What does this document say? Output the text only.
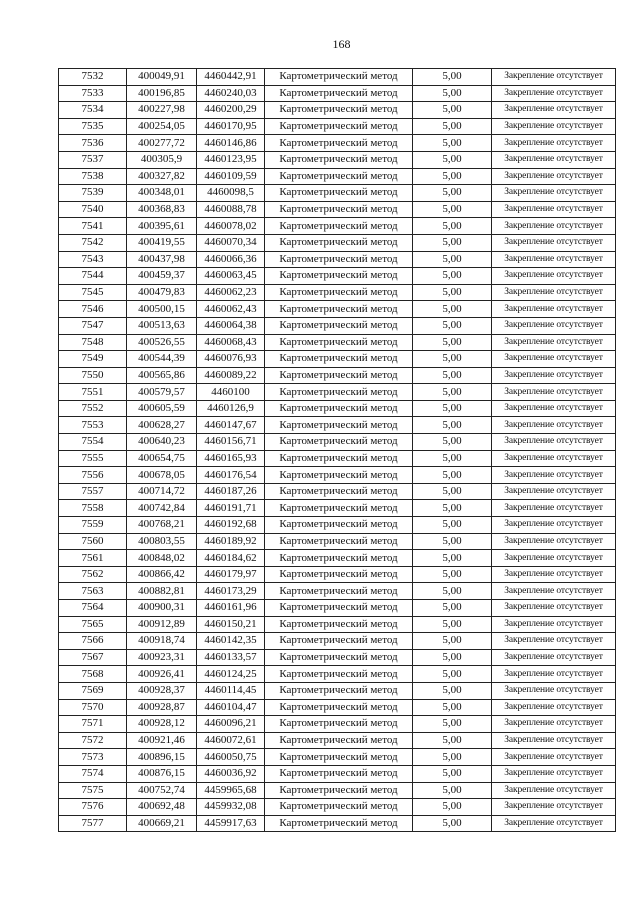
168
7532	400049,91	4460442,91	Картометрический метод	5,00	Закрепление отсутствует
7533	400196,85	4460240,03	Картометрический метод	5,00	Закрепление отсутствует
7534	400227,98	4460200,29	Картометрический метод	5,00	Закрепление отсутствует
7535	400254,05	4460170,95	Картометрический метод	5,00	Закрепление отсутствует
7536	400277,72	4460146,86	Картометрический метод	5,00	Закрепление отсутствует
7537	400305,9	4460123,95	Картометрический метод	5,00	Закрепление отсутствует
7538	400327,82	4460109,59	Картометрический метод	5,00	Закрепление отсутствует
7539	400348,01	4460098,5	Картометрический метод	5,00	Закрепление отсутствует
7540	400368,83	4460088,78	Картометрический метод	5,00	Закрепление отсутствует
7541	400395,61	4460078,02	Картометрический метод	5,00	Закрепление отсутствует
7542	400419,55	4460070,34	Картометрический метод	5,00	Закрепление отсутствует
7543	400437,98	4460066,36	Картометрический метод	5,00	Закрепление отсутствует
7544	400459,37	4460063,45	Картометрический метод	5,00	Закрепление отсутствует
7545	400479,83	4460062,23	Картометрический метод	5,00	Закрепление отсутствует
7546	400500,15	4460062,43	Картометрический метод	5,00	Закрепление отсутствует
7547	400513,63	4460064,38	Картометрический метод	5,00	Закрепление отсутствует
7548	400526,55	4460068,43	Картометрический метод	5,00	Закрепление отсутствует
7549	400544,39	4460076,93	Картометрический метод	5,00	Закрепление отсутствует
7550	400565,86	4460089,22	Картометрический метод	5,00	Закрепление отсутствует
7551	400579,57	4460100	Картометрический метод	5,00	Закрепление отсутствует
7552	400605,59	4460126,9	Картометрический метод	5,00	Закрепление отсутствует
7553	400628,27	4460147,67	Картометрический метод	5,00	Закрепление отсутствует
7554	400640,23	4460156,71	Картометрический метод	5,00	Закрепление отсутствует
7555	400654,75	4460165,93	Картометрический метод	5,00	Закрепление отсутствует
7556	400678,05	4460176,54	Картометрический метод	5,00	Закрепление отсутствует
7557	400714,72	4460187,26	Картометрический метод	5,00	Закрепление отсутствует
7558	400742,84	4460191,71	Картометрический метод	5,00	Закрепление отсутствует
7559	400768,21	4460192,68	Картометрический метод	5,00	Закрепление отсутствует
7560	400803,55	4460189,92	Картометрический метод	5,00	Закрепление отсутствует
7561	400848,02	4460184,62	Картометрический метод	5,00	Закрепление отсутствует
7562	400866,42	4460179,97	Картометрический метод	5,00	Закрепление отсутствует
7563	400882,81	4460173,29	Картометрический метод	5,00	Закрепление отсутствует
7564	400900,31	4460161,96	Картометрический метод	5,00	Закрепление отсутствует
7565	400912,89	4460150,21	Картометрический метод	5,00	Закрепление отсутствует
7566	400918,74	4460142,35	Картометрический метод	5,00	Закрепление отсутствует
7567	400923,31	4460133,57	Картометрический метод	5,00	Закрепление отсутствует
7568	400926,41	4460124,25	Картометрический метод	5,00	Закрепление отсутствует
7569	400928,37	4460114,45	Картометрический метод	5,00	Закрепление отсутствует
7570	400928,87	4460104,47	Картометрический метод	5,00	Закрепление отсутствует
7571	400928,12	4460096,21	Картометрический метод	5,00	Закрепление отсутствует
7572	400921,46	4460072,61	Картометрический метод	5,00	Закрепление отсутствует
7573	400896,15	4460050,75	Картометрический метод	5,00	Закрепление отсутствует
7574	400876,15	4460036,92	Картометрический метод	5,00	Закрепление отсутствует
7575	400752,74	4459965,68	Картометрический метод	5,00	Закрепление отсутствует
7576	400692,48	4459932,08	Картометрический метод	5,00	Закрепление отсутствует
7577	400669,21	4459917,63	Картометрический метод	5,00	Закрепление отсутствует
